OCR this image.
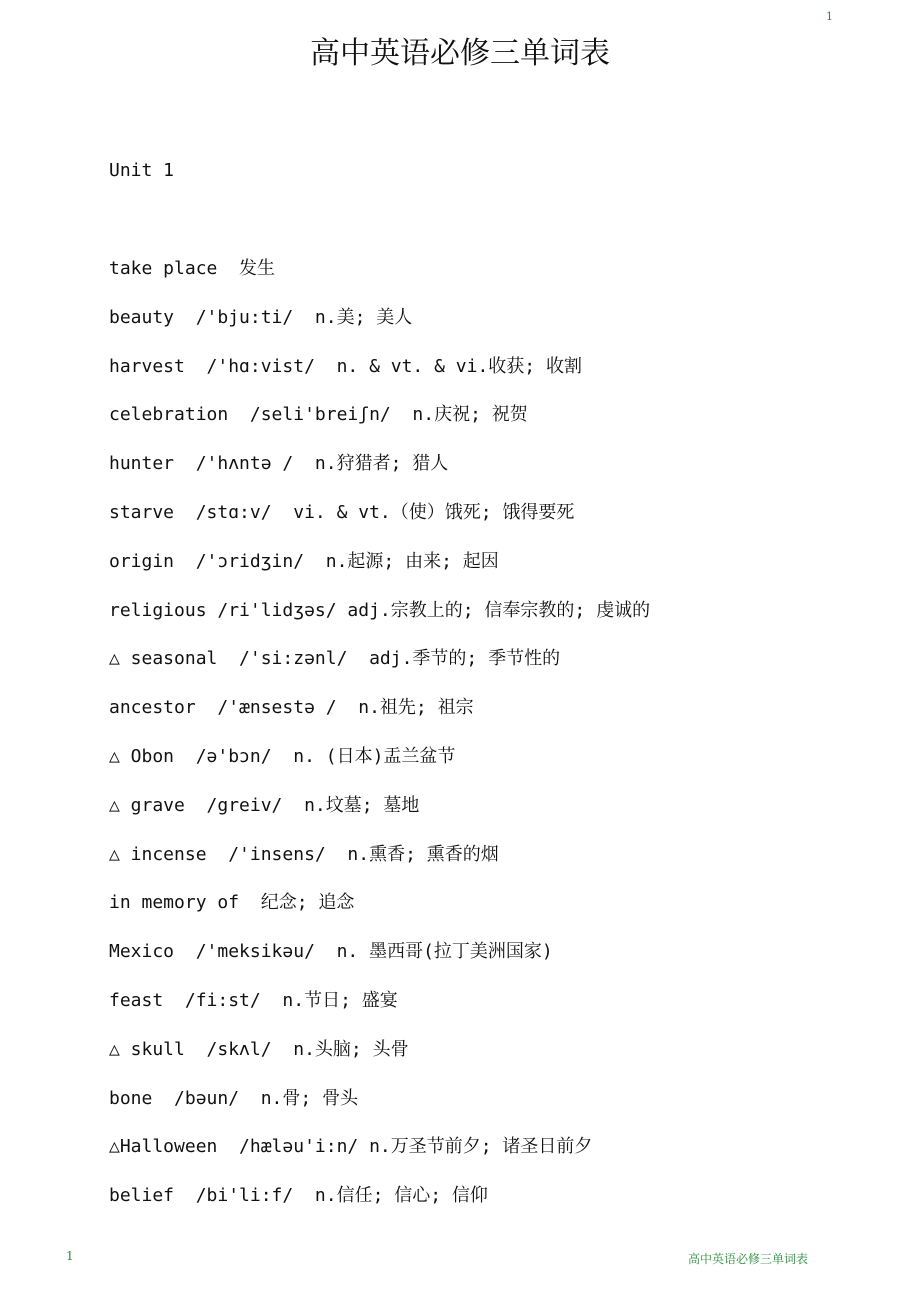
1
高中英语必修三单词表
Unit 1
take place  发生
beauty  /'bju:ti/  n.美; 美人
harvest  /'hɑ:vist/  n. & vt. & vi.收获; 收割
celebration  /seli'breiʃn/  n.庆祝; 祝贺
hunter  /'hʌntə /  n.狩猎者; 猎人
starve  /stɑ:v/  vi. & vt.（使）饿死; 饿得要死
origin  /'ɔridʒin/  n.起源; 由来; 起因
religious /ri'lidʒəs/ adj.宗教上的; 信奉宗教的; 虔诚的
△ seasonal  /'si:zənl/  adj.季节的; 季节性的
ancestor  /'ænsestə /  n.祖先; 祖宗
△ Obon  /ə'bɔn/  n. (日本)盂兰盆节
△ grave  /greiv/  n.坟墓; 墓地
△ incense  /'insens/  n.熏香; 熏香的烟
in memory of  纪念; 追念
Mexico  /'meksikəu/  n. 墨西哥(拉丁美洲国家)
feast  /fi:st/  n.节日; 盛宴
△ skull  /skʌl/  n.头脑; 头骨
bone  /bəun/  n.骨; 骨头
△Halloween  /hæləu'i:n/ n.万圣节前夕; 诸圣日前夕
belief  /bi'li:f/  n.信任; 信心; 信仰
1	高中英语必修三单词表
